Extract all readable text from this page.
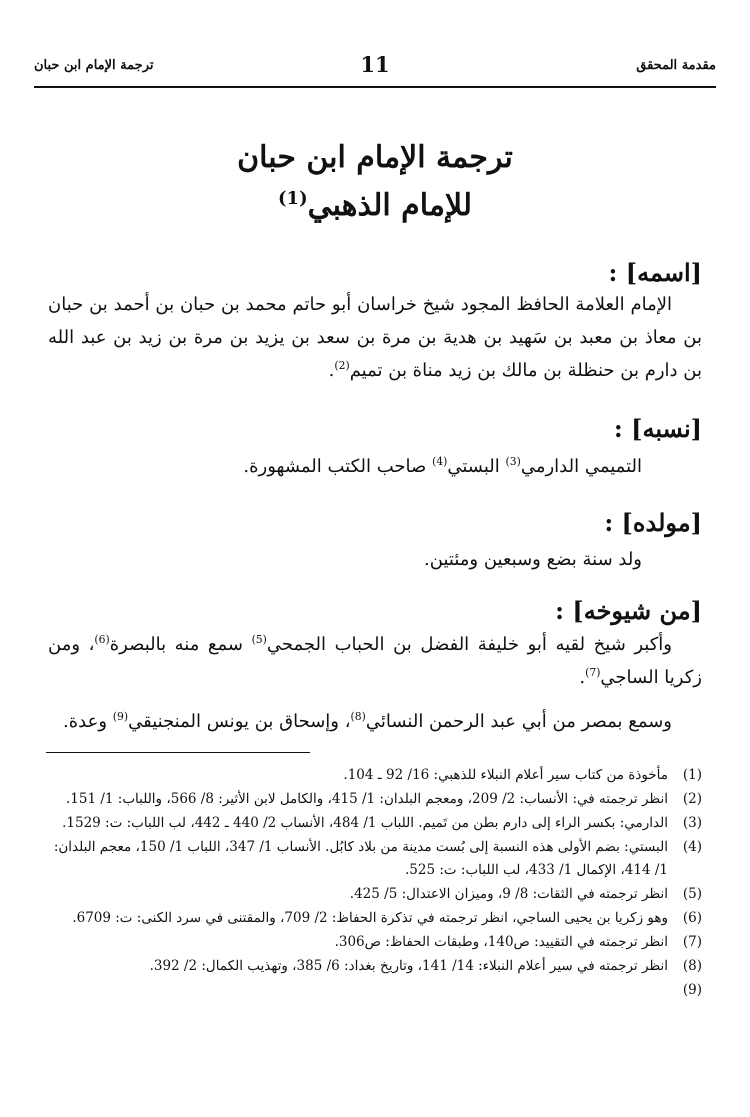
مقدمة المحقق
11
ترجمة الإمام ابن حبان
ترجمة الإمام ابن حبان
للإمام الذهبي$^{(1)}$
[اسمه] :
الإمام العلامة الحافظ المجود شيخ خراسان أبو حاتم محمد بن حبان بن أحمد بن حبان بن معاذ بن معبد بن سَهيد بن هدية بن مرة بن سعد بن يزيد بن مرة بن زيد بن عبد الله بن دارم بن حنظلة بن مالك بن زيد مناة بن تميم$^{(2)}$.
[نسبه] :
التميمي الدارمي$^{(3)}$ البستي$^{(4)}$ صاحب الكتب المشهورة.
[مولده] :
ولد سنة بضع وسبعين ومئتين.
[من شيوخه] :
وأكبر شيخ لقيه أبو خليفة الفضل بن الحباب الجمحي$^{(5)}$ سمع منه بالبصرة$^{(6)}$، ومن زكريا الساجي$^{(7)}$.
وسمع بمصر من أبي عبد الرحمن النسائي$^{(8)}$، وإسحاق بن يونس المنجنيقي$^{(9)}$ وعدة.
(1)
مأخوذة من كتاب سير أعلام النبلاء للذهبي: 16/ 92 ـ 104.
(2)
انظر ترجمته في: الأنساب: 2/ 209، ومعجم البلدان: 1/ 415، والكامل لابن الأثير: 8/ 566، واللباب: 1/ 151.
(3)
الدارمي: بكسر الراء إلى دارم بطن من تَميم. اللباب 1/ 484، الأنساب 2/ 440 ـ 442، لب اللباب: ت: 1529.
(4)
البستي: بضم الأولى هذه النسبة إلى بُست مدينة من بلاد كابُل. الأنساب 1/ 347، اللباب 1/ 150، معجم البلدان: 1/ 414، الإكمال 1/ 433، لب اللباب: ت: 525.
(5)
انظر ترجمته في الثقات: 8/ 9، وميزان الاعتدال: 5/ 425.
(6)
وهو زكريا بن يحيى الساجي، انظر ترجمته في تذكرة الحفاظ: 2/ 709، والمقتنى في سرد الكنى: ت: 6709.
(7)
انظر ترجمته في التقييد: ص140، وطبقات الحفاظ: ص306.
(8)
انظر ترجمته في سير أعلام النبلاء: 14/ 141، وتاريخ بغداد: 6/ 385، وتهذيب الكمال: 2/ 392.
(9)
